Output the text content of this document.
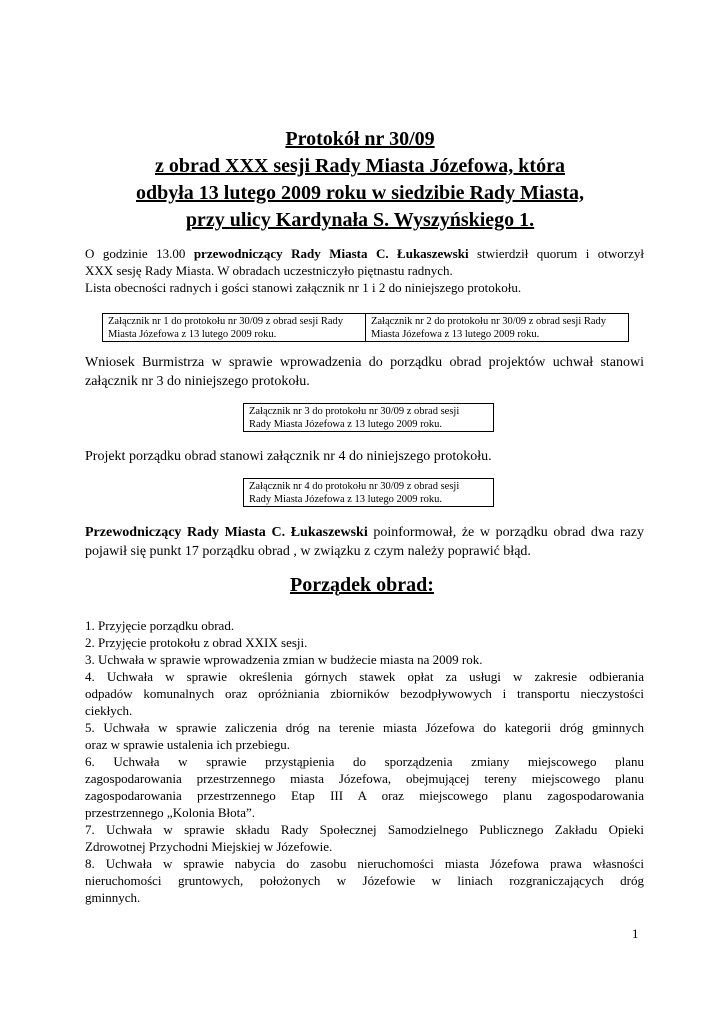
Protokół nr 30/09
z obrad XXX sesji Rady Miasta Józefowa, która
odbyła 13 lutego 2009 roku w siedzibie Rady Miasta,
przy ulicy Kardynała S. Wyszyńskiego 1.
O godzinie 13.00 przewodniczący Rady Miasta C. Łukaszewski stwierdził quorum i otworzył
XXX sesję Rady Miasta. W obradach uczestniczyło piętnastu radnych.
Lista obecności radnych i gości stanowi załącznik nr 1 i 2 do niniejszego protokołu.
Załącznik nr 1 do protokołu nr 30/09 z obrad sesji Rady
Miasta Józefowa z 13 lutego 2009 roku.
Załącznik nr 2 do protokołu nr 30/09 z obrad sesji Rady
Miasta Józefowa z 13 lutego 2009 roku.
Wniosek Burmistrza w sprawie wprowadzenia do porządku obrad projektów uchwał stanowi
załącznik nr 3 do niniejszego protokołu.
Załącznik nr 3 do protokołu nr 30/09 z obrad sesji
Rady Miasta Józefowa z 13 lutego 2009 roku.
Projekt porządku obrad stanowi załącznik nr 4 do niniejszego protokołu.
Załącznik nr 4 do protokołu nr 30/09 z obrad sesji
Rady Miasta Józefowa z 13 lutego 2009 roku.
Przewodniczący Rady Miasta C. Łukaszewski poinformował, że w porządku obrad dwa razy
pojawił się punkt 17 porządku obrad , w związku z czym należy poprawić błąd.
Porządek obrad:
1. Przyjęcie porządku obrad.
2. Przyjęcie protokołu z obrad XXIX sesji.
3. Uchwała w sprawie wprowadzenia zmian w budżecie miasta na 2009 rok.
4. Uchwała w sprawie określenia górnych stawek opłat za usługi w zakresie odbierania
odpadów komunalnych oraz opróżniania zbiorników bezodpływowych i transportu nieczystości
ciekłych.
5. Uchwała w sprawie zaliczenia dróg na terenie miasta Józefowa do kategorii dróg gminnych
oraz w sprawie ustalenia ich przebiegu.
6. Uchwała w sprawie przystąpienia do sporządzenia zmiany miejscowego planu
zagospodarowania przestrzennego miasta Józefowa, obejmującej tereny miejscowego planu
zagospodarowania przestrzennego Etap III A oraz miejscowego planu zagospodarowania
przestrzennego „Kolonia Błota”.
7. Uchwała w sprawie składu Rady Społecznej Samodzielnego Publicznego Zakładu Opieki
Zdrowotnej Przychodni Miejskiej w Józefowie.
8. Uchwała w sprawie nabycia do zasobu nieruchomości miasta Józefowa prawa własności
nieruchomości gruntowych, położonych w Józefowie w liniach rozgraniczających dróg
gminnych.
1
